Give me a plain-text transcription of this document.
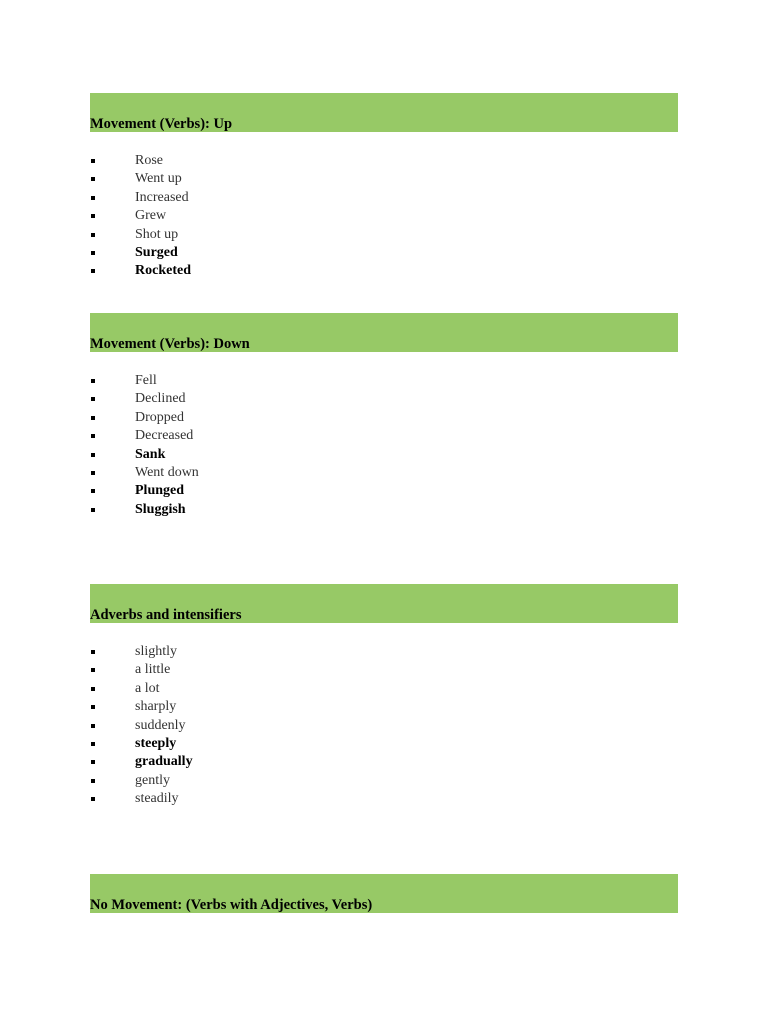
Movement (Verbs): Up
Rose
Went up
Increased
Grew
Shot up
Surged
Rocketed
Movement (Verbs): Down
Fell
Declined
Dropped
Decreased
Sank
Went down
Plunged
Sluggish
Adverbs and intensifiers
slightly
a little
a lot
sharply
suddenly
steeply
gradually
gently
steadily
No Movement: (Verbs with Adjectives, Verbs)
